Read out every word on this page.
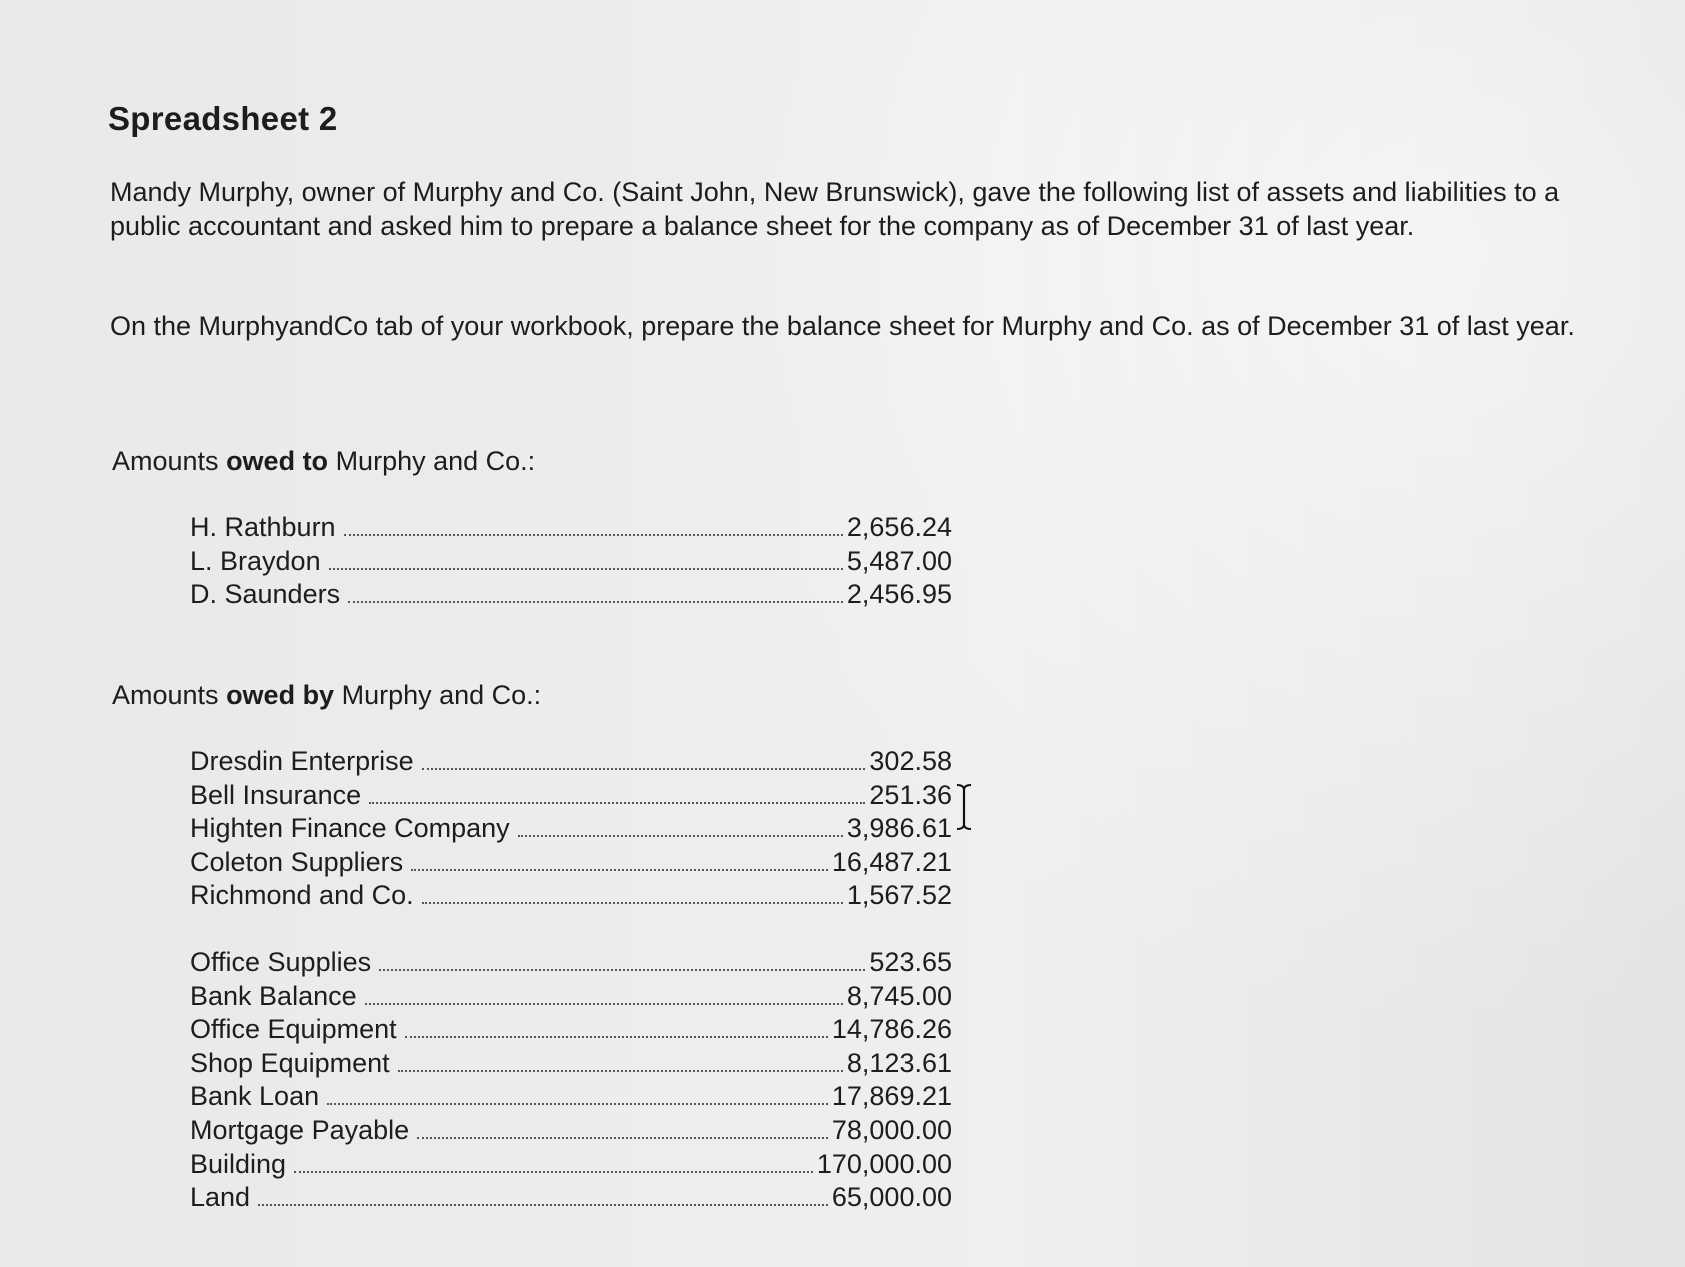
Spreadsheet 2
Mandy Murphy, owner of Murphy and Co. (Saint John, New Brunswick), gave the following list of assets and liabilities to a public accountant and asked him to prepare a balance sheet for the company as of December 31 of last year.
On the MurphyandCo tab of your workbook, prepare the balance sheet for Murphy and Co. as of December 31 of last year.
Amounts owed to Murphy and Co.:
H. Rathburn	2,656.24
L. Braydon	5,487.00
D. Saunders	2,456.95
Amounts owed by Murphy and Co.:
Dresdin Enterprise	302.58
Bell Insurance	251.36
Highten Finance Company	3,986.61
Coleton Suppliers	16,487.21
Richmond and Co.	1,567.52
Office Supplies	523.65
Bank Balance	8,745.00
Office Equipment	14,786.26
Shop Equipment	8,123.61
Bank Loan	17,869.21
Mortgage Payable	78,000.00
Building	170,000.00
Land	65,000.00
